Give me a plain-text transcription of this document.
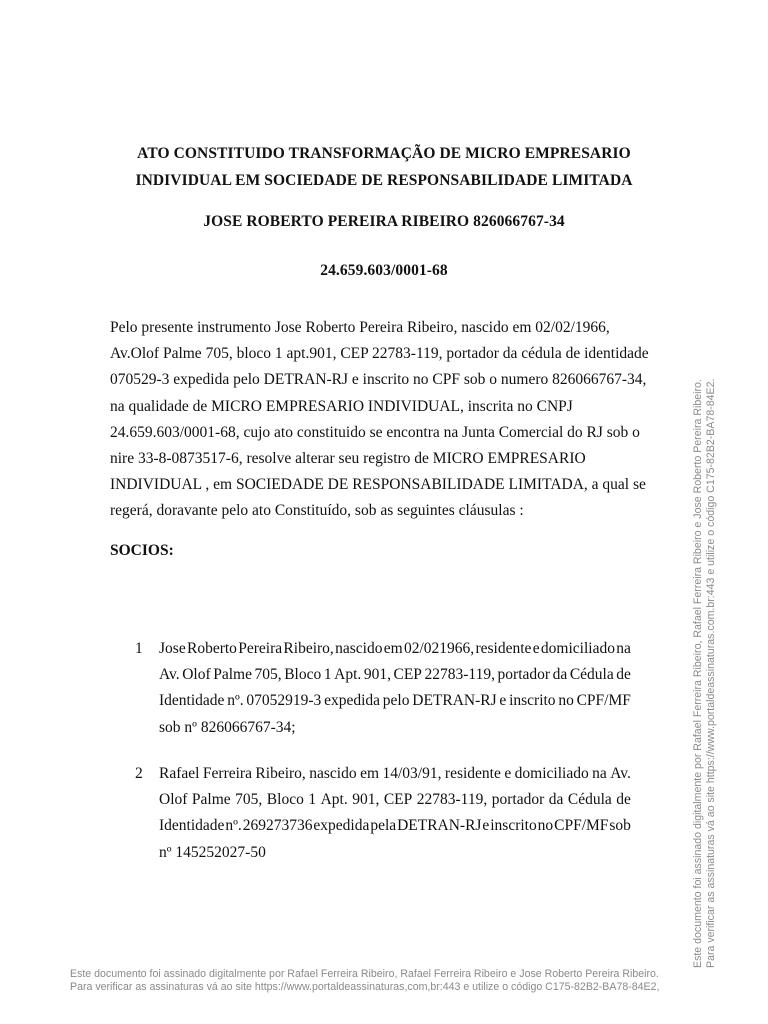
ATO CONSTITUIDO TRANSFORMAÇÃO DE MICRO EMPRESARIO
INDIVIDUAL EM SOCIEDADE DE RESPONSABILIDADE LIMITADA
JOSE ROBERTO PEREIRA RIBEIRO 826066767-34
24.659.603/0001-68
Pelo presente instrumento Jose Roberto Pereira Ribeiro, nascido em 02/02/1966,
Av.Olof Palme 705, bloco 1 apt.901, CEP 22783-119, portador da cédula de identidade
070529-3 expedida pelo DETRAN-RJ e inscrito no CPF sob o numero 826066767-34,
na qualidade de MICRO EMPRESARIO INDIVIDUAL, inscrita no CNPJ
24.659.603/0001-68, cujo ato constituido se encontra na Junta Comercial do RJ sob o
nire 33-8-0873517-6, resolve alterar seu registro de MICRO EMPRESARIO
INDIVIDUAL , em SOCIEDADE DE RESPONSABILIDADE LIMITADA, a qual se
regerá, doravante pelo ato Constituído, sob as seguintes cláusulas :
SOCIOS:
1 Jose Roberto Pereira Ribeiro, nascido em 02/021966, residente e domiciliado na
Av. Olof Palme 705, Bloco 1 Apt. 901, CEP 22783-119, portador da Cédula de
Identidade nº. 07052919-3 expedida pelo DETRAN-RJ e inscrito no CPF/MF
sob nº 826066767-34;
2 Rafael Ferreira Ribeiro, nascido em 14/03/91, residente e domiciliado na Av.
Olof Palme 705, Bloco 1 Apt. 901, CEP 22783-119, portador da Cédula de
Identidade nº. 269273736 expedida pela DETRAN-RJ e inscrito no CPF/MF sob
nº 145252027-50	Este documento foi assinado digitalmente por Rafael Ferreira Ribeiro, Rafael Ferreira Ribeiro e Jose Roberto Pereira Ribeiro. Para verificar as assinaturas vá ao site https://www.portaldeassinaturas.com.br:443 e utilize o código C175-82B2-BA78-84E2.
Este documento foi assinado digitalmente por Rafael Ferreira Ribeiro, Rafael Ferreira Ribeiro e Jose Roberto Pereira Ribeiro.
Para verificar as assinaturas vá ao site https://www.portaldeassinaturas,com,br:443 e utilize o código C175-82B2-BA78-84E2,
